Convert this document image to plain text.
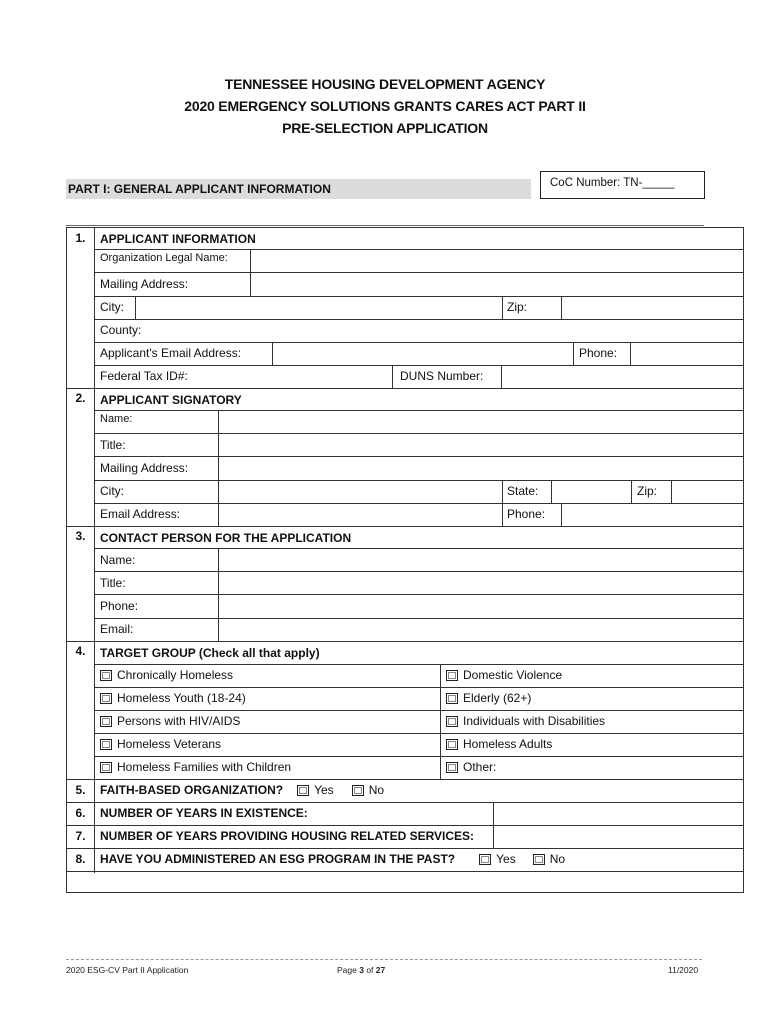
TENNESSEE HOUSING DEVELOPMENT AGENCY
2020 EMERGENCY SOLUTIONS GRANTS CARES ACT PART II
PRE-SELECTION APPLICATION
PART I: GENERAL APPLICANT INFORMATION	CoC Number: TN-_____
1.	APPLICANT INFORMATION
Organization Legal Name:
Mailing Address:
City:	Zip:
County:
Applicant's Email Address:	Phone:
Federal Tax ID#:	DUNS Number:
2.	APPLICANT SIGNATORY
Name:
Title:
Mailing Address:
City:	State:	Zip:
Email Address:	Phone:
3.	CONTACT PERSON FOR THE APPLICATION
Name:
Title:
Phone:
Email:
4.	TARGET GROUP (Check all that apply)
Chronically Homeless	Domestic Violence
Homeless Youth (18-24)	Elderly (62+)
Persons with HIV/AIDS	Individuals with Disabilities
Homeless Veterans	Homeless Adults
Homeless Families with Children	Other:
5.	FAITH-BASED ORGANIZATION?	Yes	No
6.	NUMBER OF YEARS IN EXISTENCE:
7.	NUMBER OF YEARS PROVIDING HOUSING RELATED SERVICES:
8.	HAVE YOU ADMINISTERED AN ESG PROGRAM IN THE PAST?	Yes	No
2020 ESG-CV Part II Application	Page 3 of 27	11/2020
